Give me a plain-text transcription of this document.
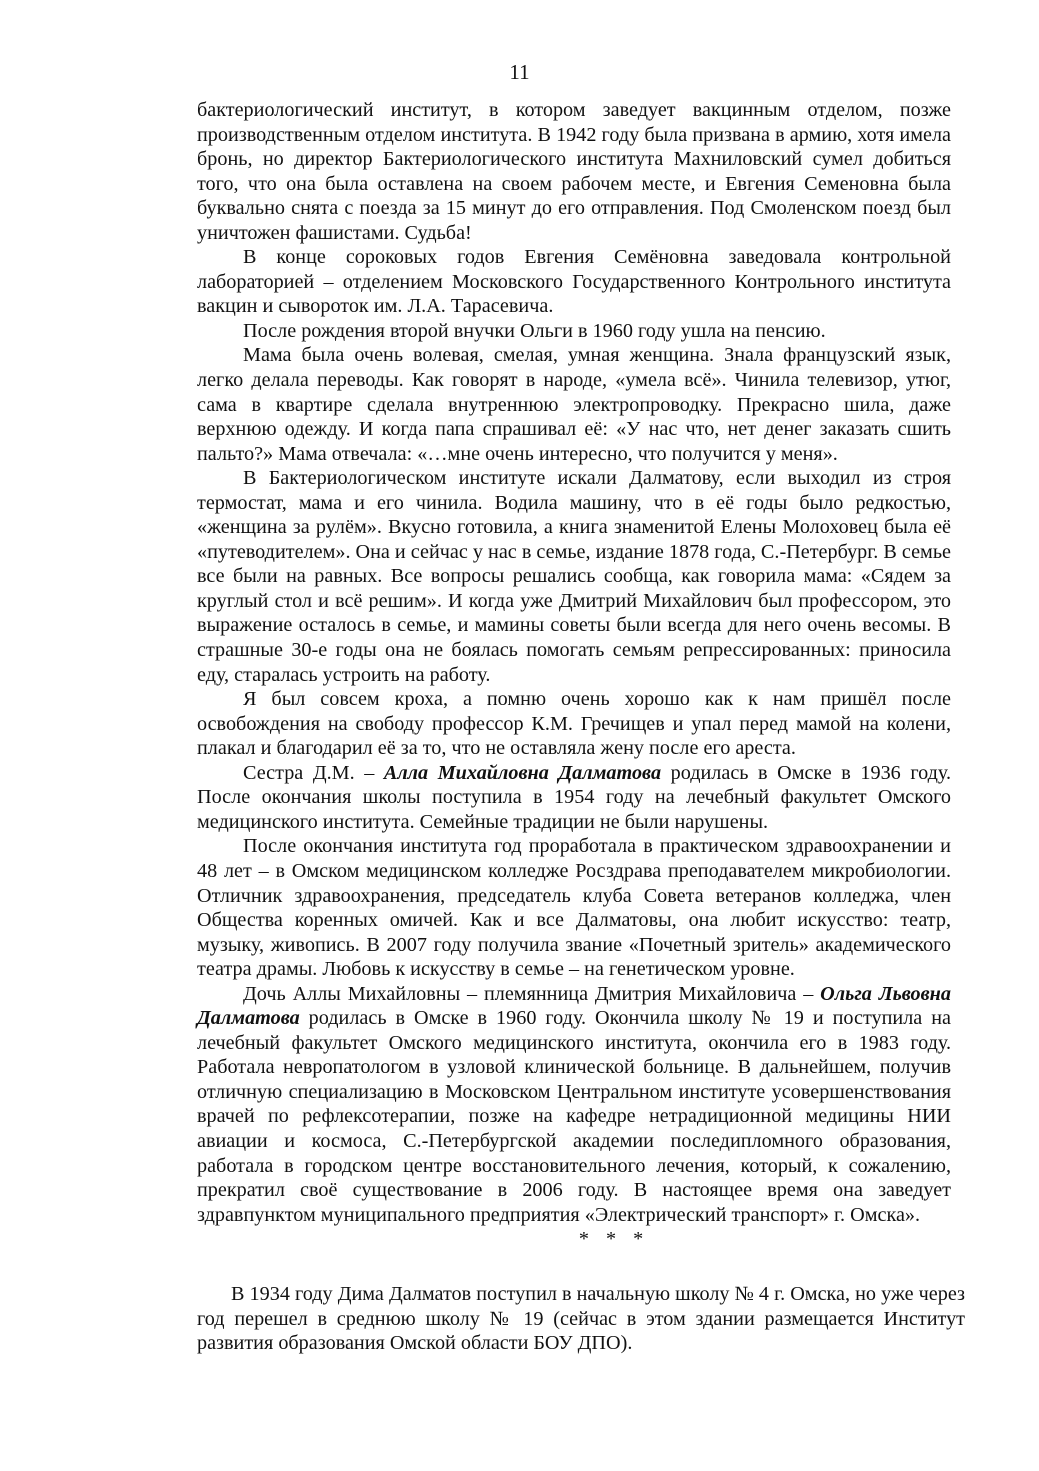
11

бактериологический институт, в котором заведует вакцинным отделом, позже производственным отделом института. В 1942 году была призвана в армию, хотя имела бронь, но директор Бактериологического института Махниловский сумел добиться того, что она была оставлена на своем рабочем месте, и Евгения Семеновна была буквально снята с поезда за 15 минут до его отправления. Под Смоленском поезд был уничтожен фашистами. Судьба!

В конце сороковых годов Евгения Семёновна заведовала контрольной лабораторией – отделением Московского Государственного Контрольного института вакцин и сывороток им. Л.А. Тарасевича.

После рождения второй внучки Ольги в 1960 году ушла на пенсию.

Мама была очень волевая, смелая, умная женщина. Знала французский язык, легко делала переводы. Как говорят в народе, «умела всё». Чинила телевизор, утюг, сама в квартире сделала внутреннюю электропроводку. Прекрасно шила, даже верхнюю одежду. И когда папа спрашивал её: «У нас что, нет денег заказать сшить пальто?» Мама отвечала: «…мне очень интересно, что получится у меня».

В Бактериологическом институте искали Далматову, если выходил из строя термостат, мама и его чинила. Водила машину, что в её годы было редкостью, «женщина за рулём». Вкусно готовила, а книга знаменитой Елены Молоховец была её «путеводителем». Она и сейчас у нас в семье, издание 1878 года, С.-Петербург. В семье все были на равных. Все вопросы решались сообща, как говорила мама: «Сядем за круглый стол и всё решим». И когда уже Дмитрий Михайлович был профессором, это выражение осталось в семье, и мамины советы были всегда для него очень весомы. В страшные 30-е годы она не боялась помогать семьям репрессированных: приносила еду, старалась устроить на работу.

Я был совсем кроха, а помню очень хорошо как к нам пришёл после освобождения на свободу профессор К.М. Гречищев и упал перед мамой на колени, плакал и благодарил её за то, что не оставляла жену после его ареста.

Сестра Д.М. – Алла Михайловна Далматова родилась в Омске в 1936 году. После окончания школы поступила в 1954 году на лечебный факультет Омского медицинского института. Семейные традиции не были нарушены.

После окончания института год проработала в практическом здравоохранении и 48 лет – в Омском медицинском колледже Росздрава преподавателем микробиологии. Отличник здравоохранения, председатель клуба Совета ветеранов колледжа, член Общества коренных омичей. Как и все Далматовы, она любит искусство: театр, музыку, живопись. В 2007 году получила звание «Почетный зритель» академического театра драмы. Любовь к искусству в семье – на генетическом уровне.

Дочь Аллы Михайловны – племянница Дмитрия Михайловича – Ольга Львовна Далматова родилась в Омске в 1960 году. Окончила школу № 19 и поступила на лечебный факультет Омского медицинского института, окончила его в 1983 году. Работала невропатологом в узловой клинической больнице. В дальнейшем, получив отличную специализацию в Московском Центральном институте усовершенствования врачей по рефлексотерапии, позже на кафедре нетрадиционной медицины НИИ авиации и космоса, С.-Петербургской академии последипломного образования, работала в городском центре восстановительного лечения, который, к сожалению, прекратил своё существование в 2006 году. В настоящее время она заведует здравпунктом муниципального предприятия «Электрический транспорт» г. Омска».

* * *

В 1934 году Дима Далматов поступил в начальную школу № 4 г. Омска, но уже через год перешел в среднюю школу № 19 (сейчас в этом здании размещается Институт развития образования Омской области БОУ ДПО).
